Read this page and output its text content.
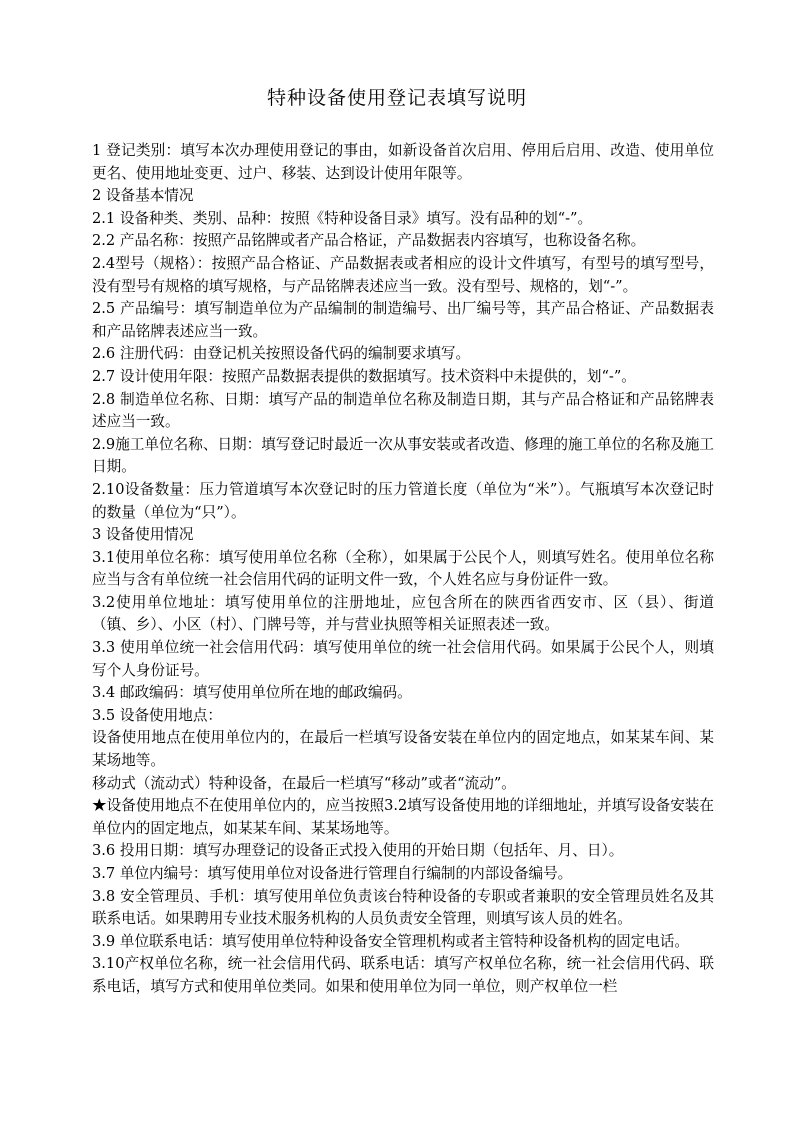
特种设备使用登记表填写说明

1 登记类别：填写本次办理使用登记的事由，如新设备首次启用、停用后启用、改造、使用单位更名、使用地址变更、过户、移装、达到设计使用年限等。

2 设备基本情况

2.1 设备种类、类别、品种：按照《特种设备目录》填写。没有品种的划“-”。

2.2 产品名称：按照产品铭牌或者产品合格证，产品数据表内容填写，也称设备名称。

2.4型号（规格）：按照产品合格证、产品数据表或者相应的设计文件填写，有型号的填写型号，没有型号有规格的填写规格，与产品铭牌表述应当一致。没有型号、规格的，划“-”。

2.5 产品编号：填写制造单位为产品编制的制造编号、出厂编号等，其产品合格证、产品数据表和产品铭牌表述应当一致。

2.6 注册代码：由登记机关按照设备代码的编制要求填写。

2.7 设计使用年限：按照产品数据表提供的数据填写。技术资料中未提供的，划“-”。

2.8 制造单位名称、日期：填写产品的制造单位名称及制造日期，其与产品合格证和产品铭牌表述应当一致。

2.9施工单位名称、日期：填写登记时最近一次从事安装或者改造、修理的施工单位的名称及施工日期。

2.10设备数量：压力管道填写本次登记时的压力管道长度（单位为“米”）。气瓶填写本次登记时的数量（单位为“只”）。

3 设备使用情况

3.1使用单位名称：填写使用单位名称（全称），如果属于公民个人，则填写姓名。使用单位名称应当与含有单位统一社会信用代码的证明文件一致，个人姓名应与身份证件一致。

3.2使用单位地址：填写使用单位的注册地址，应包含所在的陕西省西安市、区（县）、街道（镇、乡）、小区（村）、门牌号等，并与营业执照等相关证照表述一致。

3.3 使用单位统一社会信用代码：填写使用单位的统一社会信用代码。如果属于公民个人，则填写个人身份证号。

3.4 邮政编码：填写使用单位所在地的邮政编码。

3.5 设备使用地点：

设备使用地点在使用单位内的，在最后一栏填写设备安装在单位内的固定地点，如某某车间、某某场地等。

移动式（流动式）特种设备，在最后一栏填写“移动”或者“流动”。

★设备使用地点不在使用单位内的，应当按照3.2填写设备使用地的详细地址，并填写设备安装在单位内的固定地点，如某某车间、某某场地等。

3.6 投用日期：填写办理登记的设备正式投入使用的开始日期（包括年、月、日）。

3.7 单位内编号：填写使用单位对设备进行管理自行编制的内部设备编号。

3.8 安全管理员、手机：填写使用单位负责该台特种设备的专职或者兼职的安全管理员姓名及其联系电话。如果聘用专业技术服务机构的人员负责安全管理，则填写该人员的姓名。

3.9 单位联系电话：填写使用单位特种设备安全管理机构或者主管特种设备机构的固定电话。

3.10产权单位名称，统一社会信用代码、联系电话：填写产权单位名称，统一社会信用代码、联系电话，填写方式和使用单位类同。如果和使用单位为同一单位，则产权单位一栏
